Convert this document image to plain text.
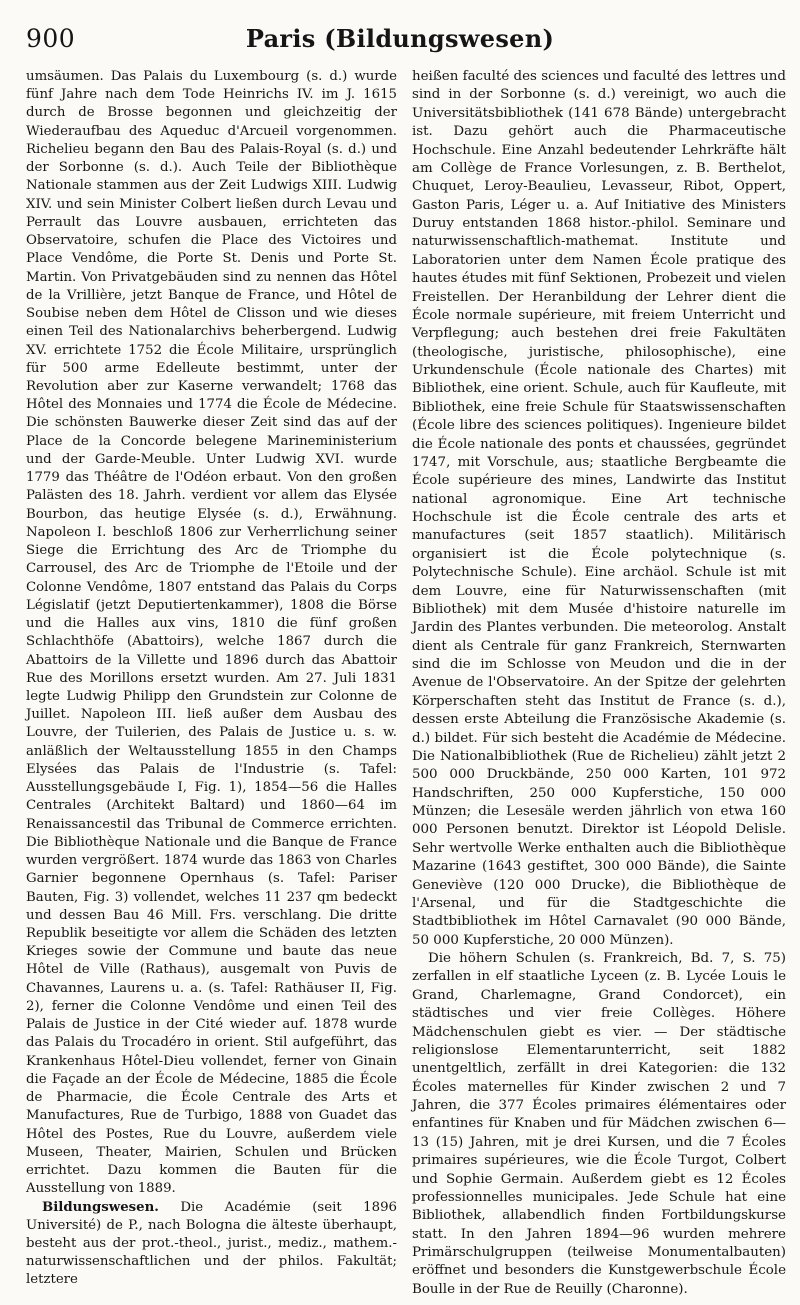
900	Paris (Bildungswesen)

umsäumen. Das Palais du Luxembourg (s. d.) wurde fünf Jahre nach dem Tode Heinrichs IV. im J. 1615 durch de Brosse begonnen und gleichzeitig der Wiederaufbau des Aqueduc d'Arcueil vorgenommen. Richelieu begann den Bau des Palais-Royal (s. d.) und der Sorbonne (s. d.). Auch Teile der Bibliothèque Nationale stammen aus der Zeit Ludwigs XIII. Ludwig XIV. und sein Minister Colbert ließen durch Levau und Perrault das Louvre ausbauen, errichteten das Observatoire, schufen die Place des Victoires und Place Vendôme, die Porte St. Denis und Porte St. Martin. Von Privatgebäuden sind zu nennen das Hôtel de la Vrillière, jetzt Banque de France, und Hôtel de Soubise neben dem Hôtel de Clisson und wie dieses einen Teil des Nationalarchivs beherbergend. Ludwig XV. errichtete 1752 die École Militaire, ursprünglich für 500 arme Edelleute bestimmt, unter der Revolution aber zur Kaserne verwandelt; 1768 das Hôtel des Monnaies und 1774 die École de Médecine. Die schönsten Bauwerke dieser Zeit sind das auf der Place de la Concorde belegene Marineministerium und der Garde-Meuble. Unter Ludwig XVI. wurde 1779 das Théâtre de l'Odéon erbaut. Von den großen Palästen des 18. Jahrh. verdient vor allem das Elysée Bourbon, das heutige Elysée (s. d.), Erwähnung. Napoleon I. beschloß 1806 zur Verherrlichung seiner Siege die Errichtung des Arc de Triomphe du Carrousel, des Arc de Triomphe de l'Etoile und der Colonne Vendôme, 1807 entstand das Palais du Corps Législatif (jetzt Deputiertenkammer), 1808 die Börse und die Halles aux vins, 1810 die fünf großen Schlachthöfe (Abattoirs), welche 1867 durch die Abattoirs de la Villette und 1896 durch das Abattoir Rue des Morillons ersetzt wurden. Am 27. Juli 1831 legte Ludwig Philipp den Grundstein zur Colonne de Juillet. Napoleon III. ließ außer dem Ausbau des Louvre, der Tuilerien, des Palais de Justice u. s. w. anläßlich der Weltausstellung 1855 in den Champs Elysées das Palais de l'Industrie (s. Tafel: Ausstellungsgebäude I, Fig. 1), 1854—56 die Halles Centrales (Architekt Baltard) und 1860—64 im Renaissancestil das Tribunal de Commerce errichten. Die Bibliothèque Nationale und die Banque de France wurden vergrößert. 1874 wurde das 1863 von Charles Garnier begonnene Opernhaus (s. Tafel: Pariser Bauten, Fig. 3) vollendet, welches 11 237 qm bedeckt und dessen Bau 46 Mill. Frs. verschlang. Die dritte Republik beseitigte vor allem die Schäden des letzten Krieges sowie der Commune und baute das neue Hôtel de Ville (Rathaus), ausgemalt von Puvis de Chavannes, Laurens u. a. (s. Tafel: Rathäuser II, Fig. 2), ferner die Colonne Vendôme und einen Teil des Palais de Justice in der Cité wieder auf. 1878 wurde das Palais du Trocadéro in orient. Stil aufgeführt, das Krankenhaus Hôtel-Dieu vollendet, ferner von Ginain die Façade an der École de Médecine, 1885 die École de Pharmacie, die École Centrale des Arts et Manufactures, Rue de Turbigo, 1888 von Guadet das Hôtel des Postes, Rue du Louvre, außerdem viele Museen, Theater, Mairien, Schulen und Brücken errichtet. Dazu kommen die Bauten für die Ausstellung von 1889.

Bildungswesen. Die Académie (seit 1896 Université) de P., nach Bologna die älteste überhaupt, besteht aus der prot.-theol., jurist., mediz., mathem.-naturwissenschaftlichen und der philos. Fakultät; letztere

heißen faculté des sciences und faculté des lettres und sind in der Sorbonne (s. d.) vereinigt, wo auch die Universitätsbibliothek (141 678 Bände) untergebracht ist. Dazu gehört auch die Pharmaceutische Hochschule. Eine Anzahl bedeutender Lehrkräfte hält am Collège de France Vorlesungen, z. B. Berthelot, Chuquet, Leroy-Beaulieu, Levasseur, Ribot, Oppert, Gaston Paris, Léger u. a. Auf Initiative des Ministers Duruy entstanden 1868 histor.-philol. Seminare und naturwissenschaftlich-mathemat. Institute und Laboratorien unter dem Namen École pratique des hautes études mit fünf Sektionen, Probezeit und vielen Freistellen. Der Heranbildung der Lehrer dient die École normale supérieure, mit freiem Unterricht und Verpflegung; auch bestehen drei freie Fakultäten (theologische, juristische, philosophische), eine Urkundenschule (École nationale des Chartes) mit Bibliothek, eine orient. Schule, auch für Kaufleute, mit Bibliothek, eine freie Schule für Staatswissenschaften (École libre des sciences politiques). Ingenieure bildet die École nationale des ponts et chaussées, gegründet 1747, mit Vorschule, aus; staatliche Bergbeamte die École supérieure des mines, Landwirte das Institut national agronomique. Eine Art technische Hochschule ist die École centrale des arts et manufactures (seit 1857 staatlich). Militärisch organisiert ist die École polytechnique (s. Polytechnische Schule). Eine archäol. Schule ist mit dem Louvre, eine für Naturwissenschaften (mit Bibliothek) mit dem Musée d'histoire naturelle im Jardin des Plantes verbunden. Die meteorolog. Anstalt dient als Centrale für ganz Frankreich, Sternwarten sind die im Schlosse von Meudon und die in der Avenue de l'Observatoire. An der Spitze der gelehrten Körperschaften steht das Institut de France (s. d.), dessen erste Abteilung die Französische Akademie (s. d.) bildet. Für sich besteht die Académie de Médecine. Die Nationalbibliothek (Rue de Richelieu) zählt jetzt 2 500 000 Druckbände, 250 000 Karten, 101 972 Handschriften, 250 000 Kupferstiche, 150 000 Münzen; die Lesesäle werden jährlich von etwa 160 000 Personen benutzt. Direktor ist Léopold Delisle. Sehr wertvolle Werke enthalten auch die Bibliothèque Mazarine (1643 gestiftet, 300 000 Bände), die Sainte Geneviève (120 000 Drucke), die Bibliothèque de l'Arsenal, und für die Stadtgeschichte die Stadtbibliothek im Hôtel Carnavalet (90 000 Bände, 50 000 Kupferstiche, 20 000 Münzen).

Die höhern Schulen (s. Frankreich, Bd. 7, S. 75) zerfallen in elf staatliche Lyceen (z. B. Lycée Louis le Grand, Charlemagne, Grand Condorcet), ein städtisches und vier freie Collèges. Höhere Mädchenschulen giebt es vier. — Der städtische religionslose Elementarunterricht, seit 1882 unentgeltlich, zerfällt in drei Kategorien: die 132 Écoles maternelles für Kinder zwischen 2 und 7 Jahren, die 377 Écoles primaires élémentaires oder enfantines für Knaben und für Mädchen zwischen 6—13 (15) Jahren, mit je drei Kursen, und die 7 Écoles primaires supérieures, wie die École Turgot, Colbert und Sophie Germain. Außerdem giebt es 12 Écoles professionnelles municipales. Jede Schule hat eine Bibliothek, allabendlich finden Fortbildungskurse statt. In den Jahren 1894—96 wurden mehrere Primärschulgruppen (teilweise Monumentalbauten) eröffnet und besonders die Kunstgewerbschule École Boulle in der Rue de Reuilly (Charonne).
